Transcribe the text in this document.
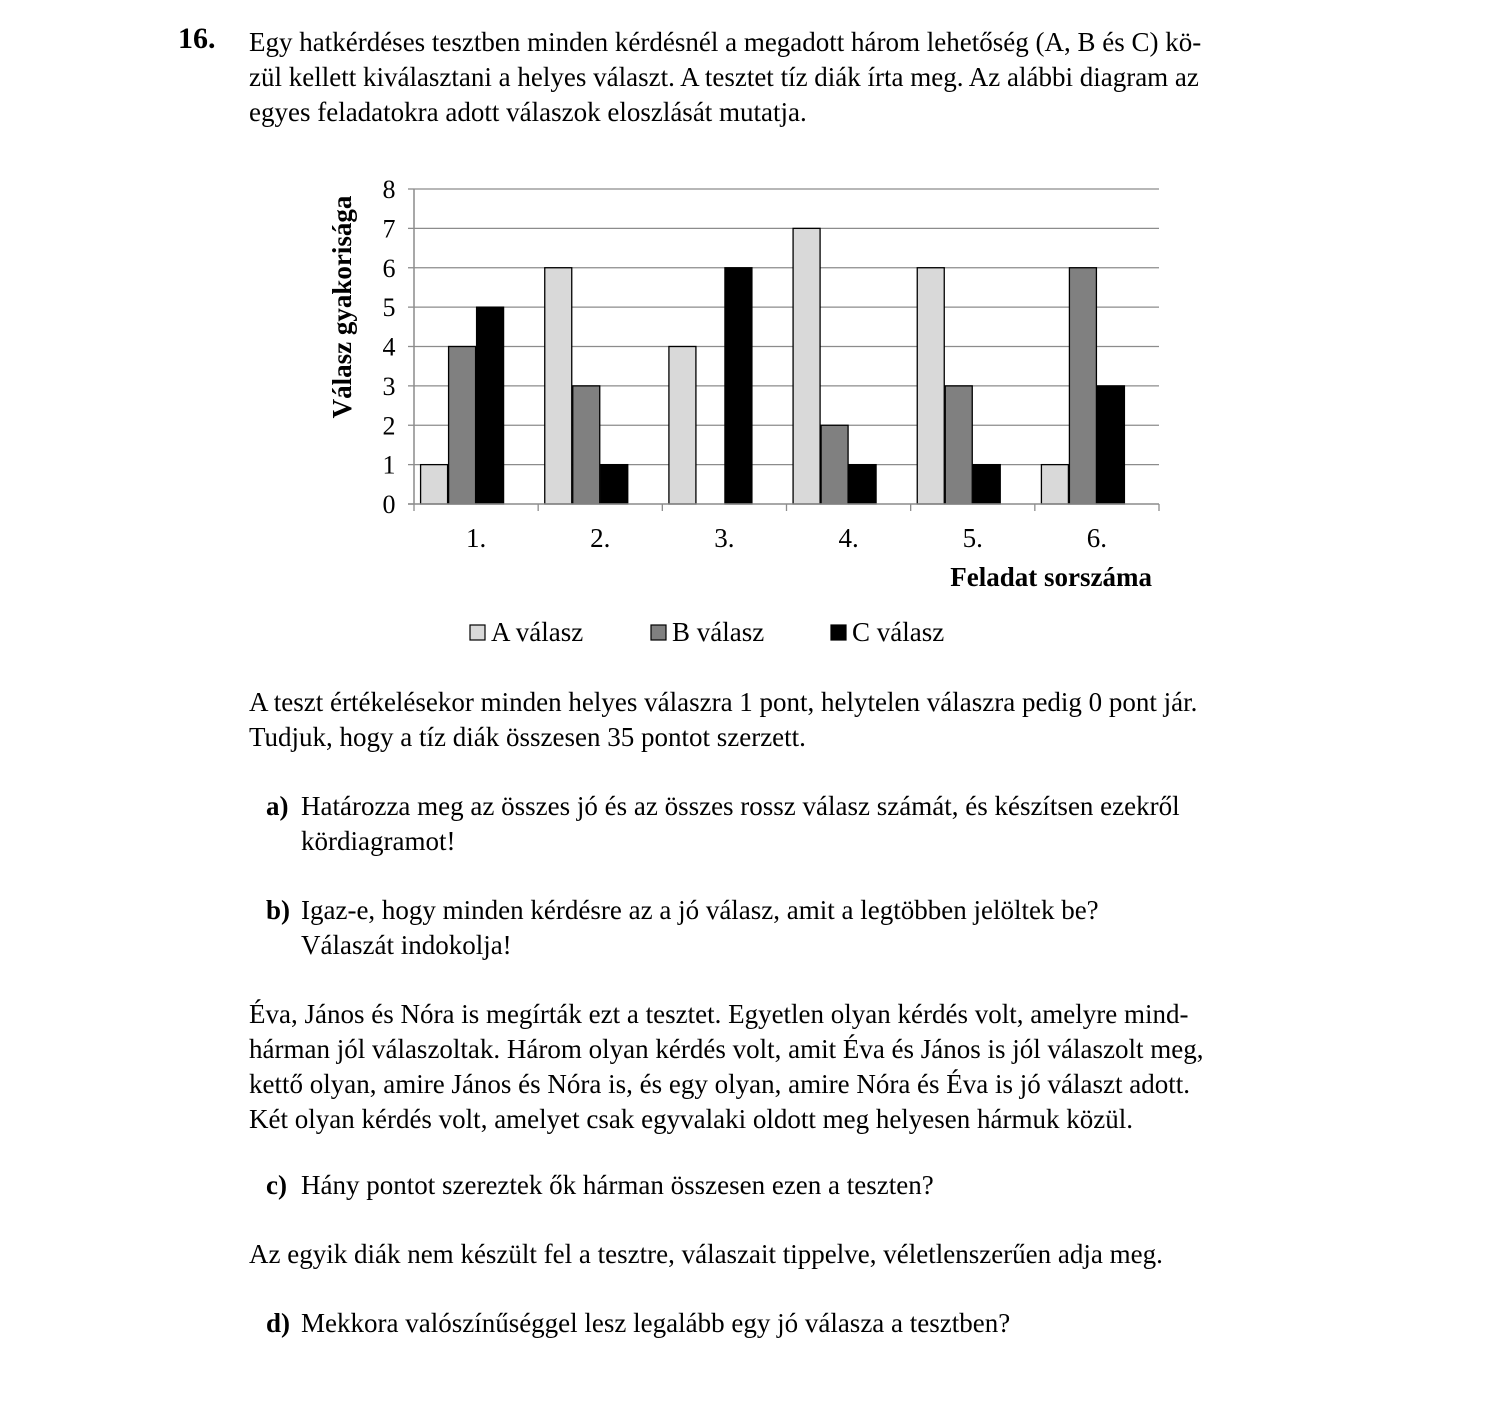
16. Egy hatkérdéses tesztben minden kérdésnél a megadott három lehetőség (A, B és C) kö-
zül kellett kiválasztani a helyes választ. A tesztet tíz diák írta meg. Az alábbi diagram az
egyes feladatokra adott válaszok eloszlását mutatja.

0
1
2
3
4
5
6
7
8
1.	2.	3.	4.	5.	6.
Feladat sorszáma
Válasz gyakorisága
A válasz	B válasz	C válasz

A teszt értékelésekor minden helyes válaszra 1 pont, helytelen válaszra pedig 0 pont jár.
Tudjuk, hogy a tíz diák összesen 35 pontot szerzett.

a) Határozza meg az összes jó és az összes rossz válasz számát, és készítsen ezekről
kördiagramot!

b) Igaz-e, hogy minden kérdésre az a jó válasz, amit a legtöbben jelöltek be?
Válaszát indokolja!

Éva, János és Nóra is megírták ezt a tesztet. Egyetlen olyan kérdés volt, amelyre mind-
hárman jól válaszoltak. Három olyan kérdés volt, amit Éva és János is jól válaszolt meg,
kettő olyan, amire János és Nóra is, és egy olyan, amire Nóra és Éva is jó választ adott.
Két olyan kérdés volt, amelyet csak egyvalaki oldott meg helyesen hármuk közül.

c) Hány pontot szereztek ők hárman összesen ezen a teszten?

Az egyik diák nem készült fel a tesztre, válaszait tippelve, véletlenszerűen adja meg.

d) Mekkora valószínűséggel lesz legalább egy jó válasza a tesztben?
